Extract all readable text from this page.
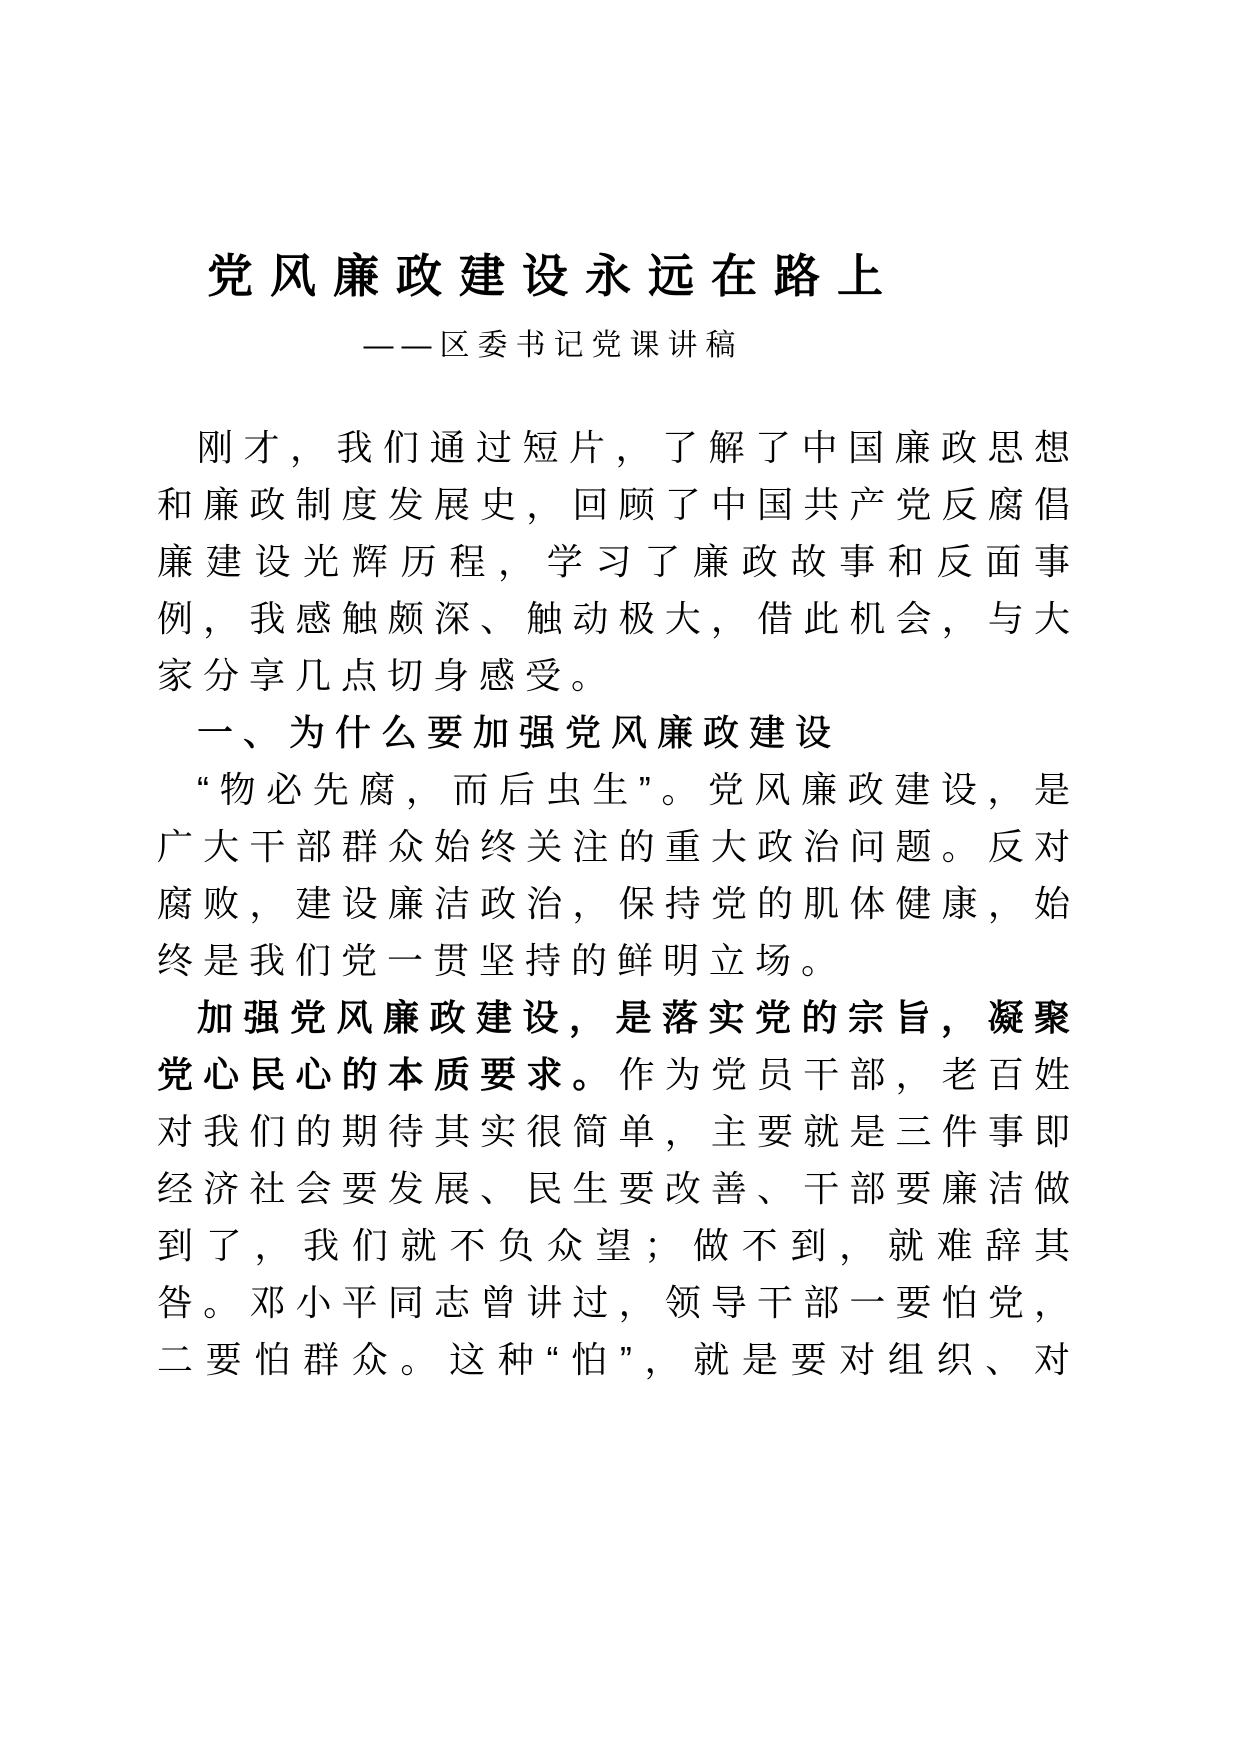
党风廉政建设永远在路上
——区委书记党课讲稿

刚才，我们通过短片，了解了中国廉政思想和廉政制度发展史，回顾了中国共产党反腐倡廉建设光辉历程，学习了廉政故事和反面事例，我感触颇深、触动极大，借此机会，与大家分享几点切身感受。

一、为什么要加强党风廉政建设

“物必先腐，而后虫生”。党风廉政建设，是广大干部群众始终关注的重大政治问题。反对腐败，建设廉洁政治，保持党的肌体健康，始终是我们党一贯坚持的鲜明立场。

加强党风廉政建设，是落实党的宗旨，凝聚党心民心的本质要求。作为党员干部，老百姓对我们的期待其实很简单，主要就是三件事即经济社会要发展、民生要改善、干部要廉洁做到了，我们就不负众望；做不到，就难辞其咎。邓小平同志曾讲过，领导干部一要怕党，二要怕群众。这种“怕”，就是要对组织、对
